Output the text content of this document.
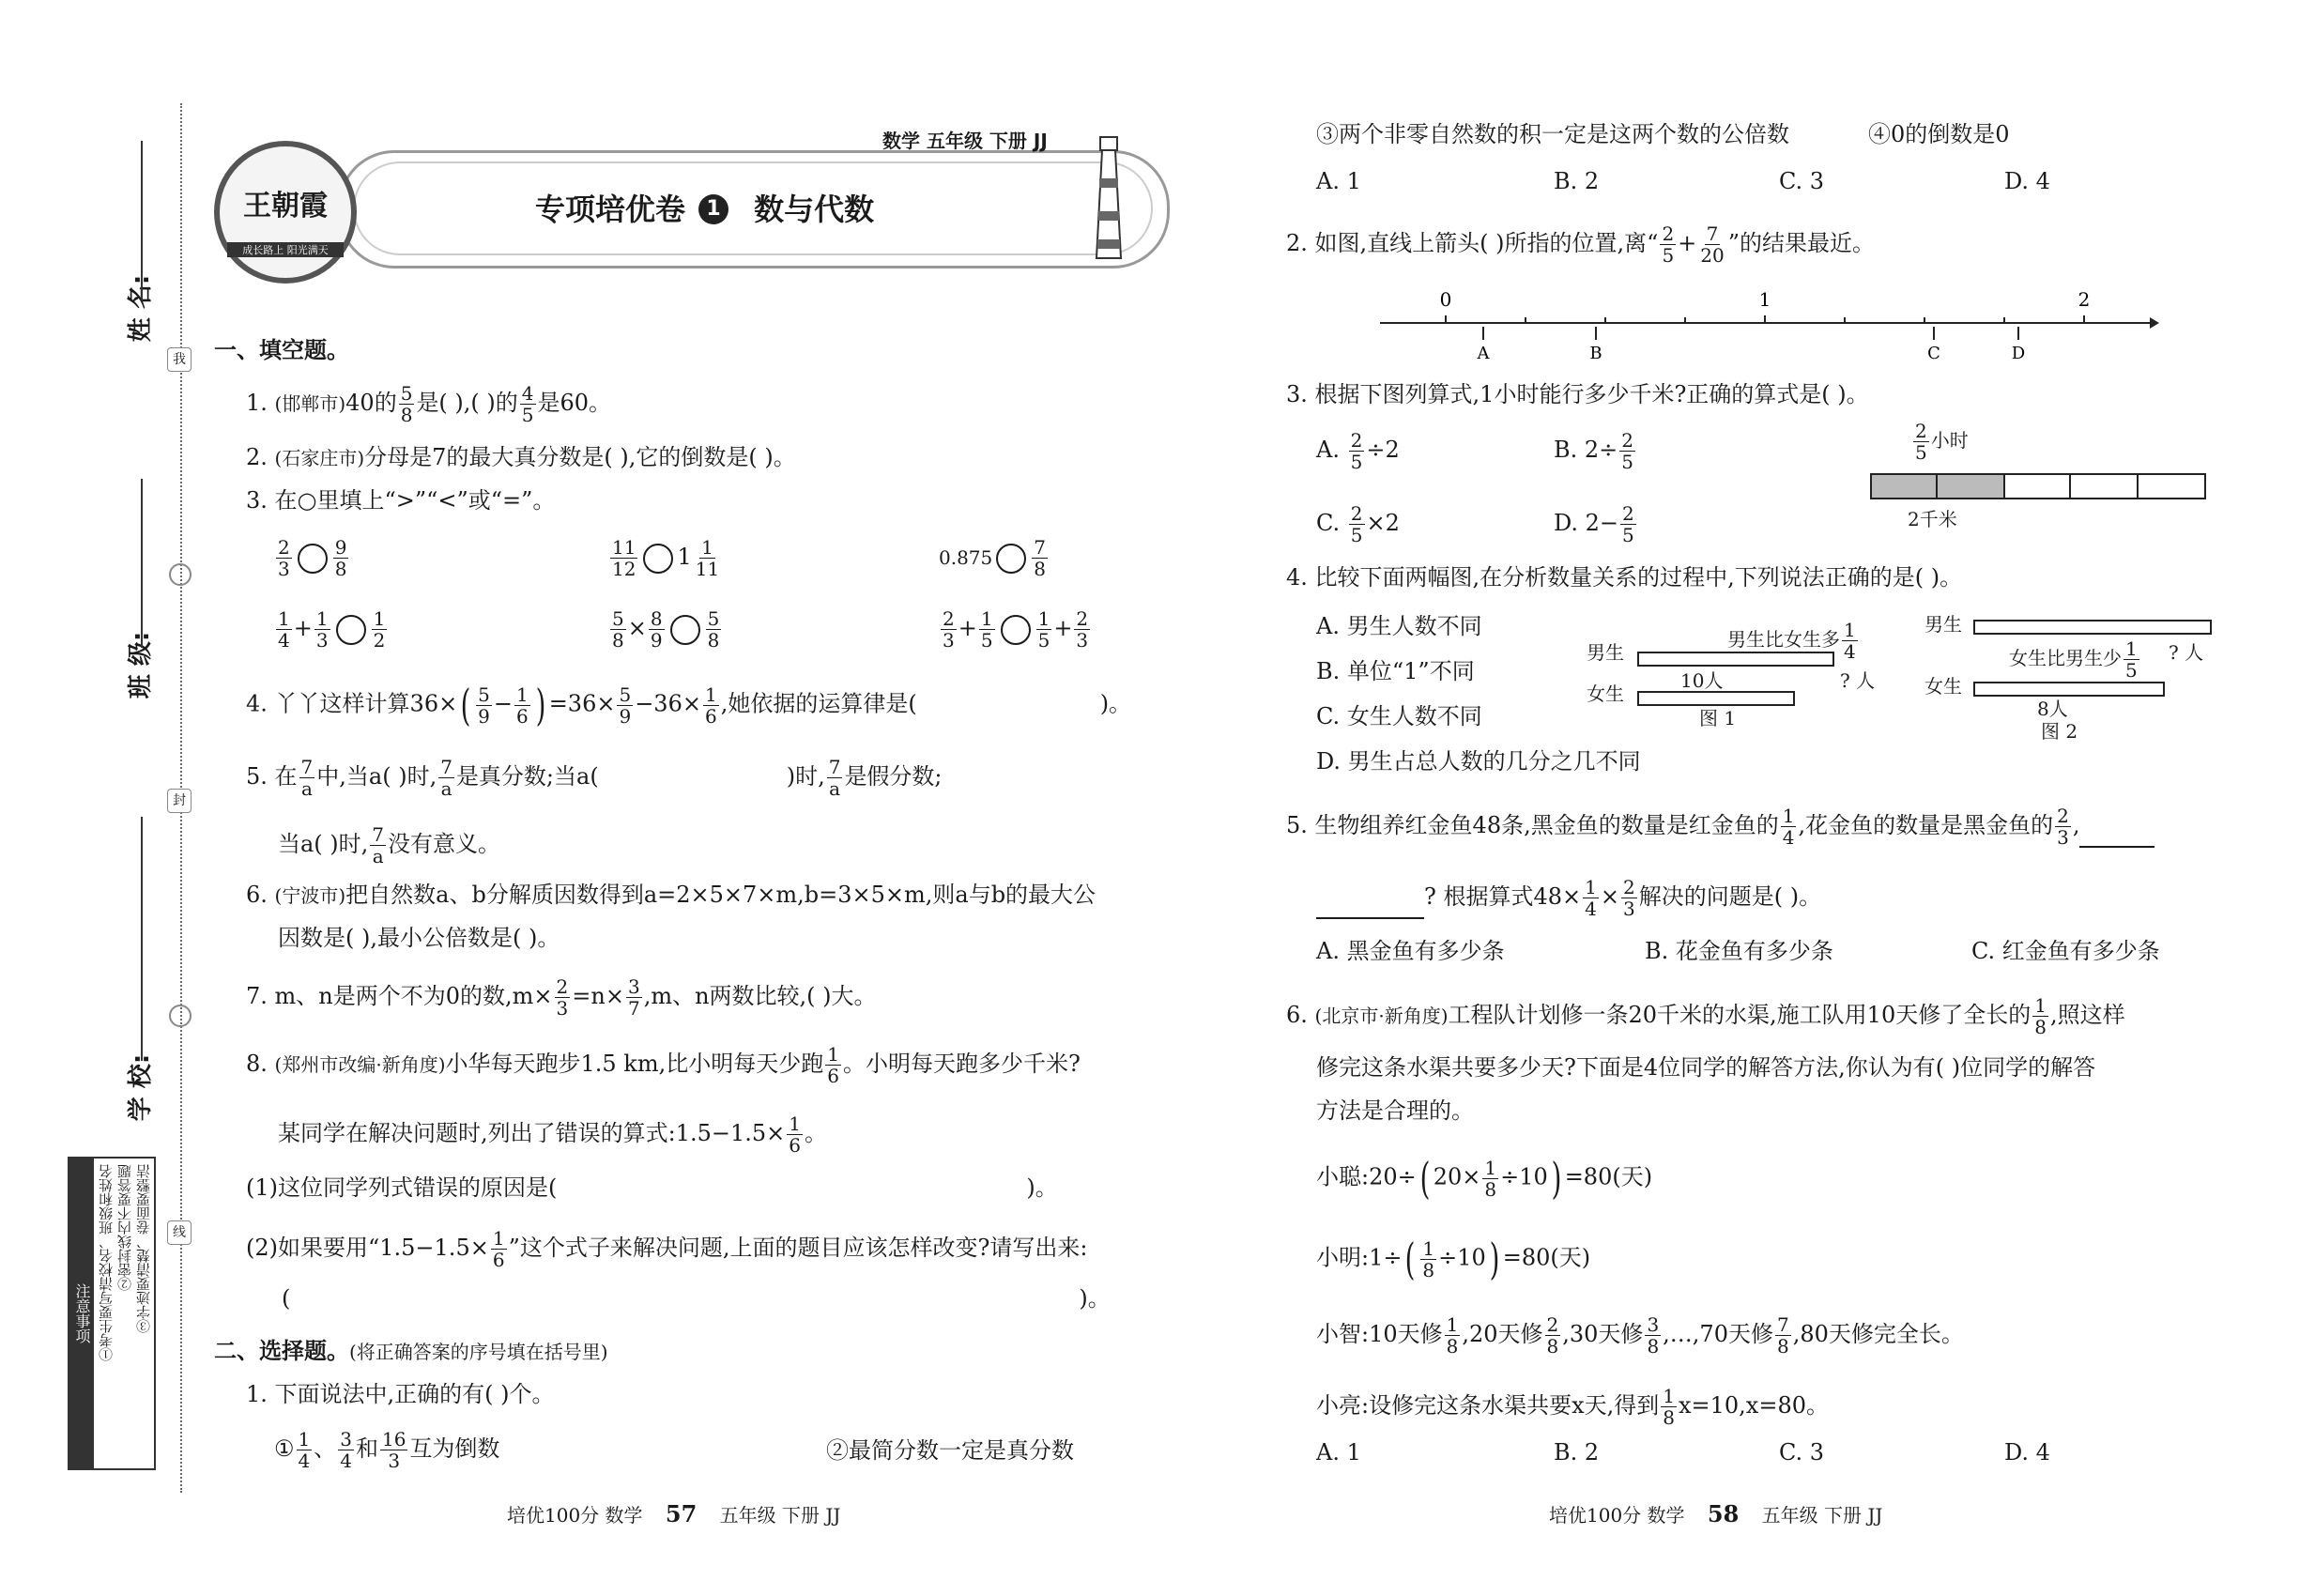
姓 名:
班 级:
学 校:
我
封
线
注意事项 ①考生要写清校名、班级和姓名 ②密封线内不要答题 ③字迹要清楚、卷面要整洁
王朝霞
成长路上 阳光满天
数学 五年级 下册 JJ
专项培优卷	1 数与代数
一、填空题。
1. (邯郸市)40的 $\frac{5}{8}$ 是( ),( )的 $\frac{4}{5}$ 是60。
2. (石家庄市)分母是7的最大真分数是( ),它的倒数是( )。
3. 在○里填上“>”“<”或“=”。
$\frac{2}{3} \frac{9}{8}$	$\frac{11}{12} 1 \frac{1}{11}$	$0.875 \frac{7}{8}$
$\frac{1}{4} + \frac{1}{3} \frac{1}{2}$	$\frac{5}{8} \times \frac{8}{9} \frac{5}{8}$	$\frac{2}{3} + \frac{1}{5} \frac{1}{5} + \frac{2}{3}$
4. 丫丫这样计算$36\times( \frac{5}{9} - \frac{1}{6}$ ) $=36\times \frac{5}{9} -36\times \frac{1}{6}$ ,她依据的运算律是(	)。
5. 在 $\frac{7}{a}$ 中,当a( )时, $\frac{7}{a}$ 是真分数;当a(	)时, $\frac{7}{a}$ 是假分数;
当a( )时, $\frac{7}{a}$ 没有意义。
6. (宁波市)把自然数a、b分解质因数得到a=2×5×7×m,b=3×5×m,则a与b的最大公
因数是( ),最小公倍数是( )。
7. m、n是两个不为0的数$,m\times \frac{2}{3} =n\times \frac{3}{7} ,m$、n两数比较,( )大。
8. (郑州市改编·新角度)小华每天跑步1.5 km,比小明每天少跑 $\frac{1}{6}$ 。小明每天跑多少千米?
某同学在解决问题时,列出了错误的算式:1.5−1.5× $\frac{1}{6}$ 。
(1)这位同学列式错误的原因是(	)。
(2)如果要用“$1.5-1.5\times \frac{1}{6}$ ”这个式子来解决问题,上面的题目应该怎样改变?请写出来:
(	)。
二、选择题。(将正确答案的序号填在括号里)
1. 下面说法中,正确的有( )个。
① $\frac{1}{4}$ 、 $\frac{3}{4}$ 和 $\frac{16}{3}$ 互为倒数	②最简分数一定是真分数
③两个非零自然数的积一定是这两个数的公倍数	④0的倒数是0
A. 1	B. 2	C. 3	D. 4
2. 如图,直线上箭头( )所指的位置,离“ $\frac{2}{5} + \frac{7}{20}$ ”的结果最近。
0	1	2
A	B	C	D
3. 根据下图列算式,1小时能行多少千米?正确的算式是( )。
A. $\frac{2}{5} \div 2$	B. $2\div \frac{2}{5}$
C. $\frac{2}{5} \times 2$	D. $2- \frac{2}{5}$
$\frac{2}{5}$ 小时
2千米
4. 比较下面两幅图,在分析数量关系的过程中,下列说法正确的是( )。
A. 男生人数不同
B. 单位“1”不同
C. 女生人数不同
D. 男生占总人数的几分之几不同
男生
女生
男生比女生多 $\frac{1}{4}$
10人	? 人
图 1
男生
女生
女生比男生少 $\frac{1}{5}$ ? 人
8人
图 2
5. 生物组养红金鱼48条,黑金鱼的数量是红金鱼的 $\frac{1}{4}$ ,花金鱼的数量是黑金鱼的 $\frac{2}{3}$ ,
? 根据算式$48\times \frac{1}{4} \times \frac{2}{3}$ 解决的问题是( )。
A. 黑金鱼有多少条	B. 花金鱼有多少条	C. 红金鱼有多少条
6. (北京市·新角度)工程队计划修一条20千米的水渠,施工队用10天修了全长的 $\frac{1}{8}$ ,照这样
修完这条水渠共要多少天?下面是4位同学的解答方法,你认为有( )位同学的解答
方法是合理的。
小聪:20÷( $20\times \frac{1}{8} \div 10) =80$(天)
小明:1÷( $\frac{1}{8} \div 10) =80$(天)
小智:10天修 $\frac{1}{8} ,20$天修 $\frac{2}{8} ,30$天修 $\frac{3}{8}$ ,…,70天修 $\frac{7}{8} ,80$天修完全长。
小亮:设修完这条水渠共要x天,得到 $\frac{1}{8} x=10,x=80$。
A. 1	B. 2	C. 3	D. 4
培优100分 数学 57 五年级 下册 JJ	培优100分 数学 58 五年级 下册 JJ
